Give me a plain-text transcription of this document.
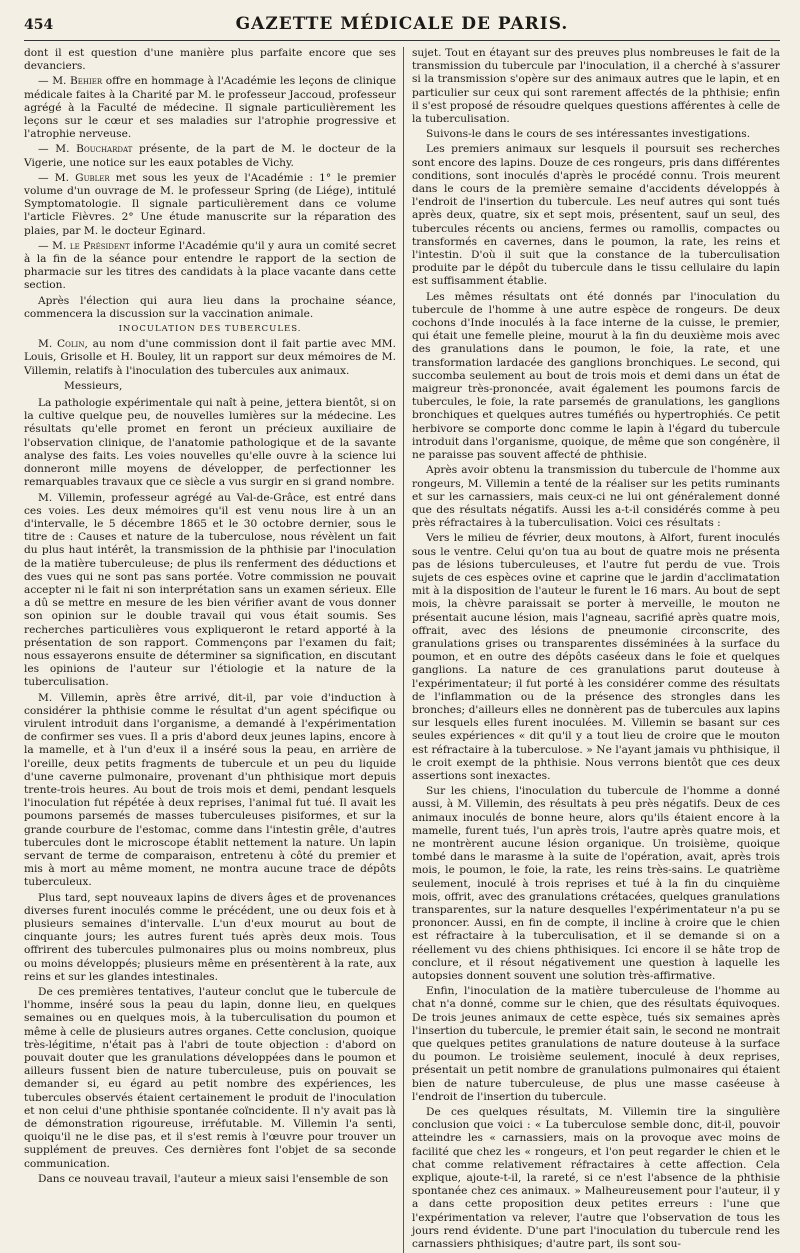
454	GAZETTE MÉDICALE DE PARIS.

dont il est question d'une manière plus parfaite encore que ses devanciers.

— M. Behier offre en hommage à l'Académie les leçons de clinique médicale faites à la Charité par M. le professeur Jaccoud, professeur agrégé à la Faculté de médecine. Il signale particulièrement les leçons sur le cœur et ses maladies sur l'atrophie progressive et l'atrophie nerveuse.

— M. Bouchardat présente, de la part de M. le docteur de la Vigerie, une notice sur les eaux potables de Vichy.

— M. Gubler met sous les yeux de l'Académie : 1° le premier volume d'un ouvrage de M. le professeur Spring (de Liége), intitulé Symptomatologie. Il signale particulièrement dans ce volume l'article Fièvres. 2° Une étude manuscrite sur la réparation des plaies, par M. le docteur Eginard.

— M. le Président informe l'Académie qu'il y aura un comité secret à la fin de la séance pour entendre le rapport de la section de pharmacie sur les titres des candidats à la place vacante dans cette section.

Après l'élection qui aura lieu dans la prochaine séance, commencera la discussion sur la vaccination animale.

INOCULATION DES TUBERCULES.

M. Colin, au nom d'une commission dont il fait partie avec MM. Louis, Grisolle et H. Bouley, lit un rapport sur deux mémoires de M. Villemin, relatifs à l'inoculation des tubercules aux animaux.

Messieurs,

La pathologie expérimentale qui naît à peine, jettera bientôt, si on la cultive quelque peu, de nouvelles lumières sur la médecine. Les résultats qu'elle promet en feront un précieux auxiliaire de l'observation clinique, de l'anatomie pathologique et de la savante analyse des faits. Les voies nouvelles qu'elle ouvre à la science lui donneront mille moyens de développer, de perfectionner les remarquables travaux que ce siècle a vus surgir en si grand nombre.

M. Villemin, professeur agrégé au Val-de-Grâce, est entré dans ces voies. Les deux mémoires qu'il est venu nous lire à un an d'intervalle, le 5 décembre 1865 et le 30 octobre dernier, sous le titre de : Causes et nature de la tuberculose, nous révèlent un fait du plus haut intérêt, la transmission de la phthisie par l'inoculation de la matière tuberculeuse; de plus ils renferment des déductions et des vues qui ne sont pas sans portée. Votre commission ne pouvait accepter ni le fait ni son interprétation sans un examen sérieux. Elle a dû se mettre en mesure de les bien vérifier avant de vous donner son opinion sur le double travail qui vous était soumis. Ses recherches particulières vous expliqueront le retard apporté à la présentation de son rapport. Commençons par l'examen du fait; nous essayerons ensuite de déterminer sa signification, en discutant les opinions de l'auteur sur l'étiologie et la nature de la tuberculisation.

M. Villemin, après être arrivé, dit-il, par voie d'induction à considérer la phthisie comme le résultat d'un agent spécifique ou virulent introduit dans l'organisme, a demandé à l'expérimentation de confirmer ses vues. Il a pris d'abord deux jeunes lapins, encore à la mamelle, et à l'un d'eux il a inséré sous la peau, en arrière de l'oreille, deux petits fragments de tubercule et un peu du liquide d'une caverne pulmonaire, provenant d'un phthisique mort depuis trente-trois heures. Au bout de trois mois et demi, pendant lesquels l'inoculation fut répétée à deux reprises, l'animal fut tué. Il avait les poumons parsemés de masses tuberculeuses pisiformes, et sur la grande courbure de l'estomac, comme dans l'intestin grêle, d'autres tubercules dont le microscope établit nettement la nature. Un lapin servant de terme de comparaison, entretenu à côté du premier et mis à mort au même moment, ne montra aucune trace de dépôts tuberculeux.

Plus tard, sept nouveaux lapins de divers âges et de provenances diverses furent inoculés comme le précédent, une ou deux fois et à plusieurs semaines d'intervalle. L'un d'eux mourut au bout de cinquante jours; les autres furent tués après deux mois. Tous offrirent des tubercules pulmonaires plus ou moins nombreux, plus ou moins développés; plusieurs même en présentèrent à la rate, aux reins et sur les glandes intestinales.

De ces premières tentatives, l'auteur conclut que le tubercule de l'homme, inséré sous la peau du lapin, donne lieu, en quelques semaines ou en quelques mois, à la tuberculisation du poumon et même à celle de plusieurs autres organes. Cette conclusion, quoique très-légitime, n'était pas à l'abri de toute objection : d'abord on pouvait douter que les granulations développées dans le poumon et ailleurs fussent bien de nature tuberculeuse, puis on pouvait se demander si, eu égard au petit nombre des expériences, les tubercules observés étaient certainement le produit de l'inoculation et non celui d'une phthisie spontanée coïncidente. Il n'y avait pas là de démonstration rigoureuse, irréfutable. M. Villemin l'a senti, quoiqu'il ne le dise pas, et il s'est remis à l'œuvre pour trouver un supplément de preuves. Ces dernières font l'objet de sa seconde communication.

Dans ce nouveau travail, l'auteur a mieux saisi l'ensemble de son

sujet. Tout en étayant sur des preuves plus nombreuses le fait de la transmission du tubercule par l'inoculation, il a cherché à s'assurer si la transmission s'opère sur des animaux autres que le lapin, et en particulier sur ceux qui sont rarement affectés de la phthisie; enfin il s'est proposé de résoudre quelques questions afférentes à celle de la tuberculisation.

Suivons-le dans le cours de ses intéressantes investigations.

Les premiers animaux sur lesquels il poursuit ses recherches sont encore des lapins. Douze de ces rongeurs, pris dans différentes conditions, sont inoculés d'après le procédé connu. Trois meurent dans le cours de la première semaine d'accidents développés à l'endroit de l'insertion du tubercule. Les neuf autres qui sont tués après deux, quatre, six et sept mois, présentent, sauf un seul, des tubercules récents ou anciens, fermes ou ramollis, compactes ou transformés en cavernes, dans le poumon, la rate, les reins et l'intestin. D'où il suit que la constance de la tuberculisation produite par le dépôt du tubercule dans le tissu cellulaire du lapin est suffisamment établie.

Les mêmes résultats ont été donnés par l'inoculation du tubercule de l'homme à une autre espèce de rongeurs. De deux cochons d'Inde inoculés à la face interne de la cuisse, le premier, qui était une femelle pleine, mourut à la fin du deuxième mois avec des granulations dans le poumon, le foie, la rate, et une transformation lardacée des ganglions bronchiques. Le second, qui succomba seulement au bout de trois mois et demi dans un état de maigreur très-prononcée, avait également les poumons farcis de tubercules, le foie, la rate parsemés de granulations, les ganglions bronchiques et quelques autres tuméfiés ou hypertrophiés. Ce petit herbivore se comporte donc comme le lapin à l'égard du tubercule introduit dans l'organisme, quoique, de même que son congénère, il ne paraisse pas souvent affecté de phthisie.

Après avoir obtenu la transmission du tubercule de l'homme aux rongeurs, M. Villemin a tenté de la réaliser sur les petits ruminants et sur les carnassiers, mais ceux-ci ne lui ont généralement donné que des résultats négatifs. Aussi les a-t-il considérés comme à peu près réfractaires à la tuberculisation. Voici ces résultats :

Vers le milieu de février, deux moutons, à Alfort, furent inoculés sous le ventre. Celui qu'on tua au bout de quatre mois ne présenta pas de lésions tuberculeuses, et l'autre fut perdu de vue. Trois sujets de ces espèces ovine et caprine que le jardin d'acclimatation mit à la disposition de l'auteur le furent le 16 mars. Au bout de sept mois, la chèvre paraissait se porter à merveille, le mouton ne présentait aucune lésion, mais l'agneau, sacrifié après quatre mois, offrait, avec des lésions de pneumonie circonscrite, des granulations grises ou transparentes disséminées à la surface du poumon, et en outre des dépôts caséeux dans le foie et quelques ganglions. La nature de ces granulations parut douteuse à l'expérimentateur; il fut porté à les considérer comme des résultats de l'inflammation ou de la présence des strongles dans les bronches; d'ailleurs elles ne donnèrent pas de tubercules aux lapins sur lesquels elles furent inoculées. M. Villemin se basant sur ces seules expériences « dit qu'il y a tout lieu de croire que le mouton est réfractaire à la tuberculose. » Ne l'ayant jamais vu phthisique, il le croit exempt de la phthisie. Nous verrons bientôt que ces deux assertions sont inexactes.

Sur les chiens, l'inoculation du tubercule de l'homme a donné aussi, à M. Villemin, des résultats à peu près négatifs. Deux de ces animaux inoculés de bonne heure, alors qu'ils étaient encore à la mamelle, furent tués, l'un après trois, l'autre après quatre mois, et ne montrèrent aucune lésion organique. Un troisième, quoique tombé dans le marasme à la suite de l'opération, avait, après trois mois, le poumon, le foie, la rate, les reins très-sains. Le quatrième seulement, inoculé à trois reprises et tué à la fin du cinquième mois, offrit, avec des granulations crétacées, quelques granulations transparentes, sur la nature desquelles l'expérimentateur n'a pu se prononcer. Aussi, en fin de compte, il incline à croire que le chien est réfractaire à la tuberculisation, et il se demande si on a réellement vu des chiens phthisiques. Ici encore il se hâte trop de conclure, et il résout négativement une question à laquelle les autopsies donnent souvent une solution très-affirmative.

Enfin, l'inoculation de la matière tuberculeuse de l'homme au chat n'a donné, comme sur le chien, que des résultats équivoques. De trois jeunes animaux de cette espèce, tués six semaines après l'insertion du tubercule, le premier était sain, le second ne montrait que quelques petites granulations de nature douteuse à la surface du poumon. Le troisième seulement, inoculé à deux reprises, présentait un petit nombre de granulations pulmonaires qui étaient bien de nature tuberculeuse, de plus une masse caséeuse à l'endroit de l'insertion du tubercule.

De ces quelques résultats, M. Villemin tire la singulière conclusion que voici : « La tuberculose semble donc, dit-il, pouvoir atteindre les « carnassiers, mais on la provoque avec moins de facilité que chez les « rongeurs, et l'on peut regarder le chien et le chat comme relativement réfractaires à cette affection. Cela explique, ajoute-t-il, la rareté, si ce n'est l'absence de la phthisie spontanée chez ces animaux. » Malheureusement pour l'auteur, il y a dans cette proposition deux petites erreurs : l'une que l'expérimentation va relever, l'autre que l'observation de tous les jours rend évidente. D'une part l'inoculation du tubercule rend les carnassiers phthisiques; d'autre part, ils sont sou-
